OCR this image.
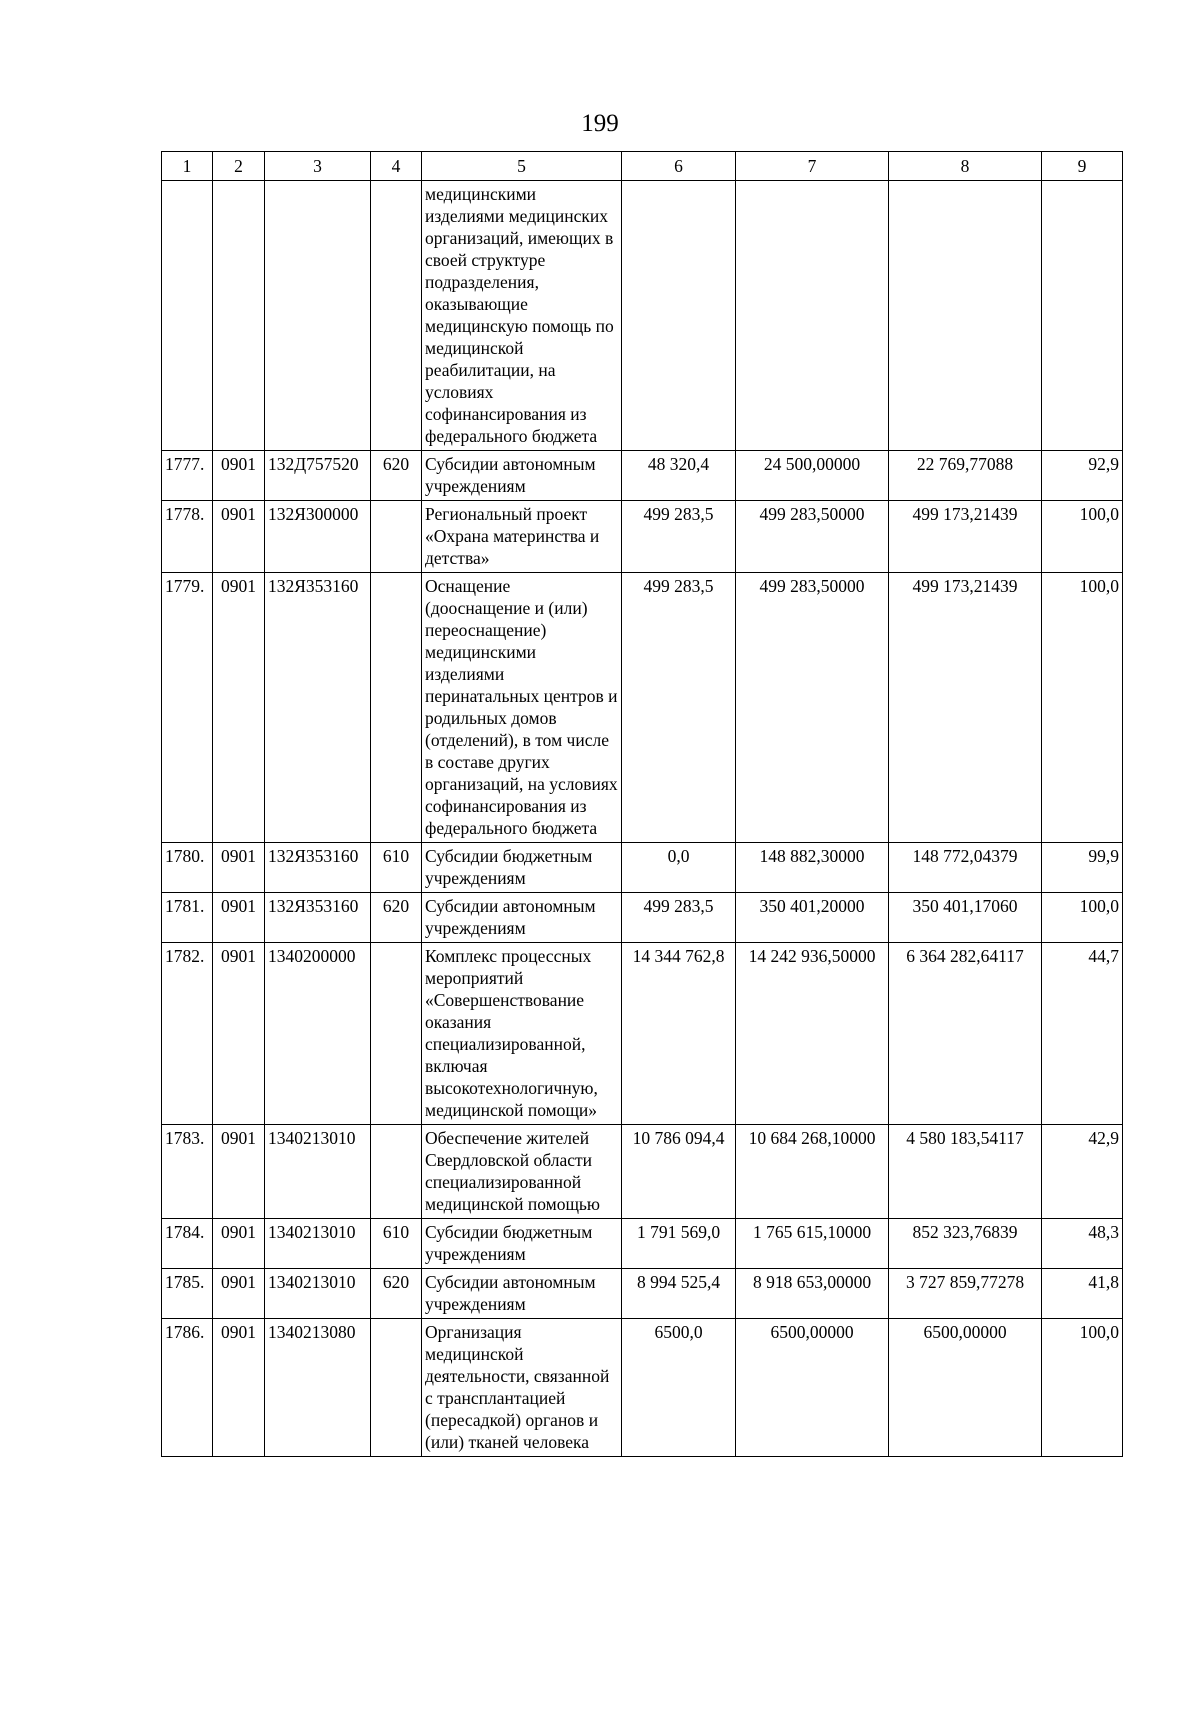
199
1	2	3	4	5	6	7	8	9
				медицинскими изделиями медицинских организаций, имеющих в своей структуре подразделения, оказывающие медицинскую помощь по медицинской реабилитации, на условиях софинансирования из федерального бюджета				
1777.	0901	132Д757520	620	Субсидии автономным учреждениям	48 320,4	24 500,00000	22 769,77088	92,9
1778.	0901	132Я300000		Региональный проект «Охрана материнства и детства»	499 283,5	499 283,50000	499 173,21439	100,0
1779.	0901	132Я353160		Оснащение (дооснащение и (или) переоснащение) медицинскими изделиями перинатальных центров и родильных домов (отделений), в том числе в составе других организаций, на условиях софинансирования из федерального бюджета	499 283,5	499 283,50000	499 173,21439	100,0
1780.	0901	132Я353160	610	Субсидии бюджетным учреждениям	0,0	148 882,30000	148 772,04379	99,9
1781.	0901	132Я353160	620	Субсидии автономным учреждениям	499 283,5	350 401,20000	350 401,17060	100,0
1782.	0901	1340200000		Комплекс процессных мероприятий «Совершенствование оказания специализированной, включая высокотехнологичную, медицинской помощи»	14 344 762,8	14 242 936,50000	6 364 282,64117	44,7
1783.	0901	1340213010		Обеспечение жителей Свердловской области специализированной медицинской помощью	10 786 094,4	10 684 268,10000	4 580 183,54117	42,9
1784.	0901	1340213010	610	Субсидии бюджетным учреждениям	1 791 569,0	1 765 615,10000	852 323,76839	48,3
1785.	0901	1340213010	620	Субсидии автономным учреждениям	8 994 525,4	8 918 653,00000	3 727 859,77278	41,8
1786.	0901	1340213080		Организация медицинской деятельности, связанной с трансплантацией (пересадкой) органов и (или) тканей человека	6500,0	6500,00000	6500,00000	100,0
